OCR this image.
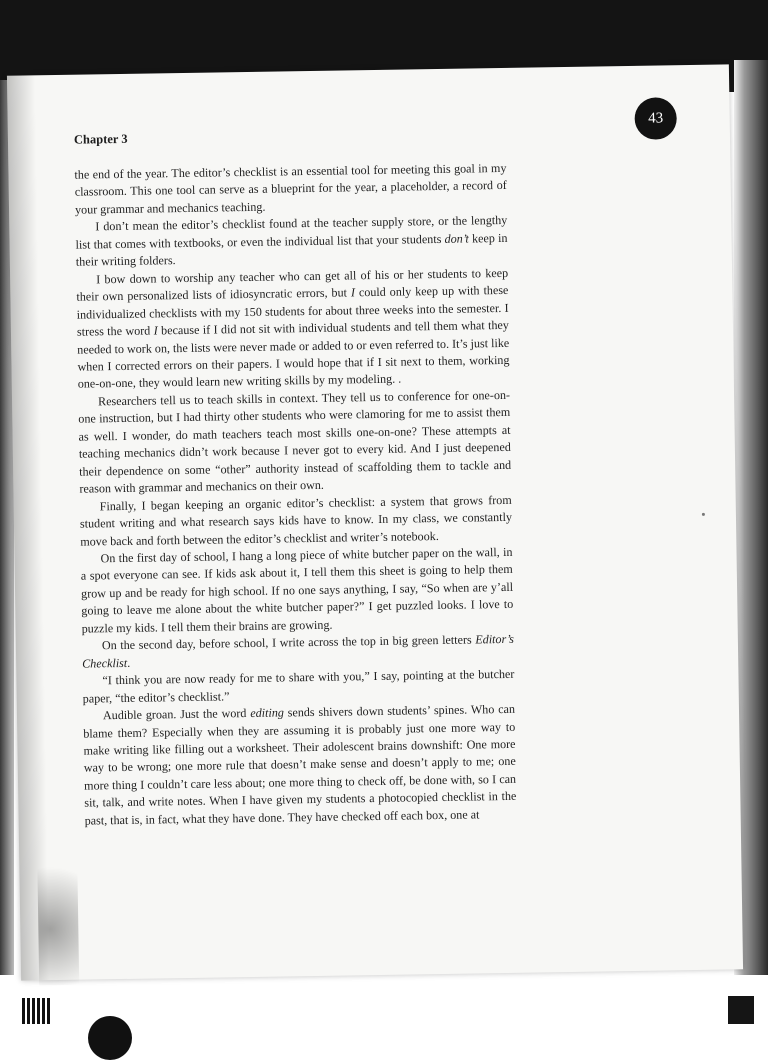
Chapter 3
43

the end of the year. The editor’s checklist is an essential tool for meeting this goal in my classroom. This one tool can serve as a blueprint for the year, a placeholder, a record of your grammar and mechanics teaching.

I don’t mean the editor’s checklist found at the teacher supply store, or the lengthy list that comes with textbooks, or even the individual list that your students don’t keep in their writing folders.

I bow down to worship any teacher who can get all of his or her students to keep their own personalized lists of idiosyncratic errors, but I could only keep up with these individualized checklists with my 150 students for about three weeks into the semester. I stress the word I because if I did not sit with individual students and tell them what they needed to work on, the lists were never made or added to or even referred to. It’s just like when I corrected errors on their papers. I would hope that if I sit next to them, working one-on-one, they would learn new writing skills by my modeling. .

Researchers tell us to teach skills in context. They tell us to conference for one-on-one instruction, but I had thirty other students who were clamoring for me to assist them as well. I wonder, do math teachers teach most skills one-on-one? These attempts at teaching mechanics didn’t work because I never got to every kid. And I just deepened their dependence on some “other” authority instead of scaffolding them to tackle and reason with grammar and mechanics on their own.

Finally, I began keeping an organic editor’s checklist: a system that grows from student writing and what research says kids have to know. In my class, we constantly move back and forth between the editor’s checklist and writer’s notebook.

On the first day of school, I hang a long piece of white butcher paper on the wall, in a spot everyone can see. If kids ask about it, I tell them this sheet is going to help them grow up and be ready for high school. If no one says anything, I say, “So when are y’all going to leave me alone about the white butcher paper?” I get puzzled looks. I love to puzzle my kids. I tell them their brains are growing.

On the second day, before school, I write across the top in big green letters Editor’s Checklist.

“I think you are now ready for me to share with you,” I say, pointing at the butcher paper, “the editor’s checklist.”

Audible groan. Just the word editing sends shivers down students’ spines. Who can blame them? Especially when they are assuming it is probably just one more way to make writing like filling out a worksheet. Their adolescent brains downshift: One more way to be wrong; one more rule that doesn’t make sense and doesn’t apply to me; one more thing I couldn’t care less about; one more thing to check off, be done with, so I can sit, talk, and write notes. When I have given my students a photocopied checklist in the past, that is, in fact, what they have done. They have checked off each box, one at
